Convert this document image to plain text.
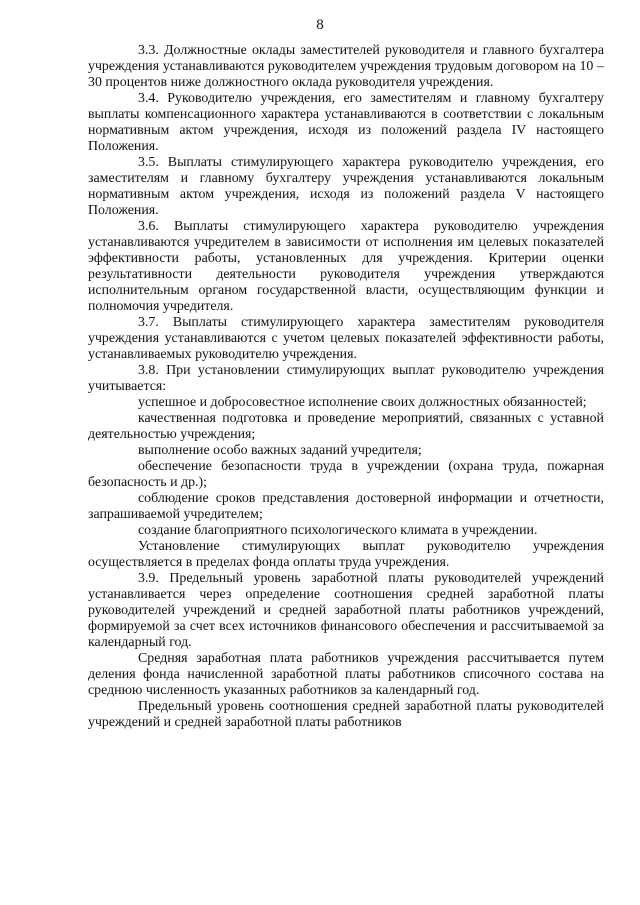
8

3.3. Должностные оклады заместителей руководителя и главного бухгалтера учреждения устанавливаются руководителем учреждения трудовым договором на 10 – 30 процентов ниже должностного оклада руководителя учреждения.

3.4. Руководителю учреждения, его заместителям и главному бухгалтеру выплаты компенсационного характера устанавливаются в соответствии с локальным нормативным актом учреждения, исходя из положений раздела IV настоящего Положения.

3.5. Выплаты стимулирующего характера руководителю учреждения, его заместителям и главному бухгалтеру учреждения устанавливаются локальным нормативным актом учреждения, исходя из положений раздела V настоящего Положения.

3.6. Выплаты стимулирующего характера руководителю учреждения устанавливаются учредителем в зависимости от исполнения им целевых показателей эффективности работы, установленных для учреждения. Критерии оценки результативности деятельности руководителя учреждения утверждаются исполнительным органом государственной власти, осуществляющим функции и полномочия учредителя.

3.7. Выплаты стимулирующего характера заместителям руководителя учреждения устанавливаются с учетом целевых показателей эффективности работы, устанавливаемых руководителю учреждения.

3.8. При установлении стимулирующих выплат руководителю учреждения учитывается:

успешное и добросовестное исполнение своих должностных обязанностей;

качественная подготовка и проведение мероприятий, связанных с уставной деятельностью учреждения;

выполнение особо важных заданий учредителя;

обеспечение безопасности труда в учреждении (охрана труда, пожарная безопасность и др.);

соблюдение сроков представления достоверной информации и отчетности, запрашиваемой учредителем;

создание благоприятного психологического климата в учреждении.

Установление стимулирующих выплат руководителю учреждения осуществляется в пределах фонда оплаты труда учреждения.

3.9. Предельный уровень заработной платы руководителей учреждений устанавливается через определение соотношения средней заработной платы руководителей учреждений и средней заработной платы работников учреждений, формируемой за счет всех источников финансового обеспечения и рассчитываемой за календарный год.

Средняя заработная плата работников учреждения рассчитывается путем деления фонда начисленной заработной платы работников списочного состава на среднюю численность указанных работников за календарный год.

Предельный уровень соотношения средней заработной платы руководителей учреждений и средней заработной платы работников
